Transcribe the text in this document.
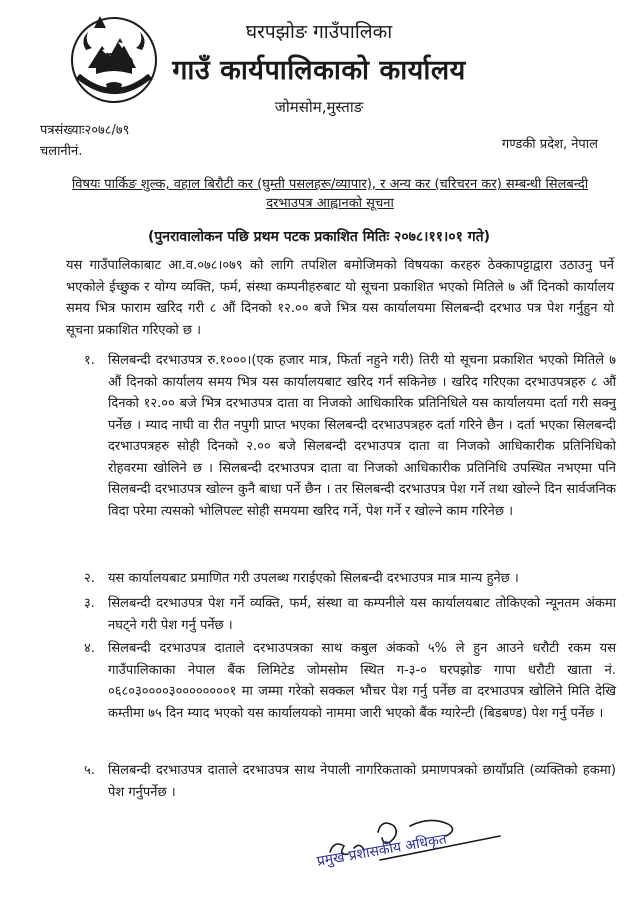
घरपझोङ गाउँपालिका
गाउँ कार्यपालिकाको कार्यालय
जोमसोम,मुस्ताङ
पत्रसंख्याः२०७८/७९
चलानीनं.	गण्डकी प्रदेश, नेपाल
विषयः पार्किङ शुल्क, वहाल बिरौटी कर (घुम्ती पसलहरू/व्यापार), र अन्य कर (चरिचरन कर) सम्बन्धी सिलबन्दी
दरभाउपत्र आह्वानको सूचना
(पुनरावालोकन पछि प्रथम पटक प्रकाशित मितिः २०७८।११।०१ गते)
यस गाउँपालिकाबाट आ.व.०७८।०७९ को लागि तपशिल बमोजिमको विषयका करहरु ठेक्कापट्टाद्वारा उठाउनु पर्ने भएकोले ईच्छुक र योग्य व्यक्ति, फर्म, संस्था कम्पनीहरुबाट यो सूचना प्रकाशित भएको मितिले ७ औं दिनको कार्यालय समय भित्र फाराम खरिद गरी ८ औं दिनको १२.०० बजे भित्र यस कार्यालयमा सिलबन्दी दरभाउ पत्र पेश गर्नुहुन यो सूचना प्रकाशित गरिएको छ ।
१. सिलबन्दी दरभाउपत्र रु.१०००।(एक हजार मात्र, फिर्ता नहुने गरी) तिरी यो सूचना प्रकाशित भएको मितिले ७ औं दिनको कार्यालय समय भित्र यस कार्यालयबाट खरिद गर्न सकिनेछ । खरिद गरिएका दरभाउपत्रहरु ८ औं दिनको १२.०० बजे भित्र दरभाउपत्र दाता वा निजको आधिकारिक प्रतिनिधिले यस कार्यालयमा दर्ता गरी सक्नु पर्नेछ । म्याद नाघी वा रीत नपुगी प्राप्त भएका सिलबन्दी दरभाउपत्रहरु दर्ता गरिने छैन । दर्ता भएका सिलबन्दी दरभाउपत्रहरु सोही दिनको २.०० बजे सिलबन्दी दरभाउपत्र दाता वा निजको आधिकारीक प्रतिनिधिको रोहवरमा खोलिने छ । सिलबन्दी दरभाउपत्र दाता वा निजको आधिकारीक प्रतिनिधि उपस्थित नभएमा पनि सिलबन्दी दरभाउपत्र खोल्न कुनै बाधा पर्ने छैन । तर सिलबन्दी दरभाउपत्र पेश गर्ने तथा खोल्ने दिन सार्वजनिक विदा परेमा त्यसको भोलिपल्ट सोही समयमा खरिद गर्ने, पेश गर्ने र खोल्ने काम गरिनेछ ।
२. यस कार्यालयबाट प्रमाणित गरी उपलब्ध गराईएको सिलबन्दी दरभाउपत्र मात्र मान्य हुनेछ ।
३. सिलबन्दी दरभाउपत्र पेश गर्ने व्यक्ति, फर्म, संस्था वा कम्पनीले यस कार्यालयबाट तोकिएको न्यूनतम अंकमा नघट्ने गरी पेश गर्नु पर्नेछ ।
४. सिलबन्दी दरभाउपत्र दाताले दरभाउपत्रका साथ कबुल अंकको ५% ले हुन आउने धरौटी रकम यस गाउँपालिकाका नेपाल बैंक लिमिटेड जोमसोम स्थित ग-३-० घरपझोङ गापा धरौटी खाता नं. ०६८०३००००३००००००००१ मा जम्मा गरेको सक्कल भौचर पेश गर्नु पर्नेछ वा दरभाउपत्र खोलिने मिति देखि कम्तीमा ७५ दिन म्याद भएको यस कार्यालयको नाममा जारी भएको बैंक ग्यारेन्टी (बिडबण्ड) पेश गर्नु पर्नेछ ।
५. सिलबन्दी दरभाउपत्र दाताले दरभाउपत्र साथ नेपाली नागरिकताको प्रमाणपत्रको छायाँप्रति (व्यक्तिको हकमा) पेश गर्नुपर्नेछ ।
प्रमुख प्रशासकीय अधिकृत
